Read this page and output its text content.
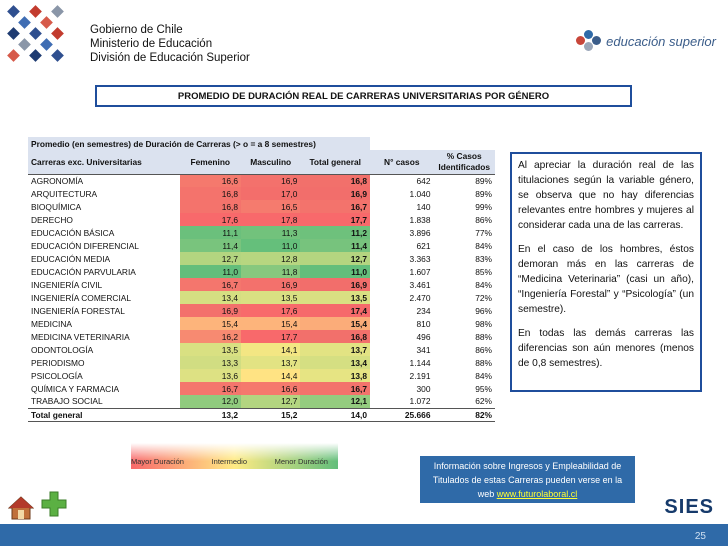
Gobierno de Chile
Ministerio de Educación
División de Educación Superior
educación superior
PROMEDIO DE DURACIÓN REAL DE CARRERAS UNIVERSITARIAS POR GÉNERO
Promedio (en semestres) de Duración de Carreras (> o = a 8 semestres)					
Carreras exc. Universitarias	Femenino	Masculino	Total general	N° casos	% Casos Identificados
AGRONOMÍA	16,6	16,9	16,8	642	89%
ARQUITECTURA	16,8	17,0	16,9	1.040	89%
BIOQUÍMICA	16,8	16,5	16,7	140	99%
DERECHO	17,6	17,8	17,7	1.838	86%
EDUCACIÓN BÁSICA	11,1	11,3	11,2	3.896	77%
EDUCACIÓN DIFERENCIAL	11,4	11,0	11,4	621	84%
EDUCACIÓN MEDIA	12,7	12,8	12,7	3.363	83%
EDUCACIÓN PARVULARIA	11,0	11,8	11,0	1.607	85%
INGENIERÍA CIVIL	16,7	16,9	16,9	3.461	84%
INGENIERÍA COMERCIAL	13,4	13,5	13,5	2.470	72%
INGENIERÍA FORESTAL	16,9	17,6	17,4	234	96%
MEDICINA	15,4	15,4	15,4	810	98%
MEDICINA VETERINARIA	16,2	17,7	16,8	496	88%
ODONTOLOGÍA	13,5	14,1	13,7	341	86%
PERIODISMO	13,3	13,7	13,4	1.144	88%
PSICOLOGÍA	13,6	14,4	13,8	2.191	84%
QUÍMICA Y FARMACIA	16,7	16,6	16,7	300	95%
TRABAJO SOCIAL	12,0	12,7	12,1	1.072	62%
Total general	13,2	15,2	14,0	25.666	82%

Al apreciar la duración real de las titulaciones según la variable género, se observa que no hay diferencias relevantes entre hombres y mujeres al considerar cada una de las carreras.

En el caso de los hombres, éstos demoran más en las carreras de “Medicina Veterinaria” (casi un año), “Ingeniería Forestal” y “Psicología” (un semestre).

En todas las demás carreras las diferencias son aún menores (menos de 0,8 semestres).

Mayor Duración	Intermedio	Menor Duración	Información sobre Ingresos y Empleabilidad de Titulados de estas Carreras pueden verse en la web www.futurolaboral.cl
SIES
25
